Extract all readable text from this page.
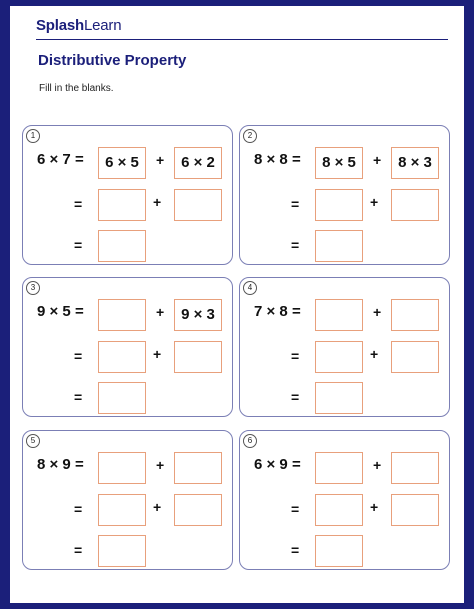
SplashLearn
Distributive Property
Fill in the blanks.
1
6 × 7 =	6 × 5	+	6 × 2
=	+
=
2
8 × 8 =	8 × 5	+	8 × 3
=	+
=
3
9 × 5 =	+	9 × 3
=	+
=
4
7 × 8 =	+
=	+
=
5
8 × 9 =	+
=	+
=
6
6 × 9 =	+
=	+
=
